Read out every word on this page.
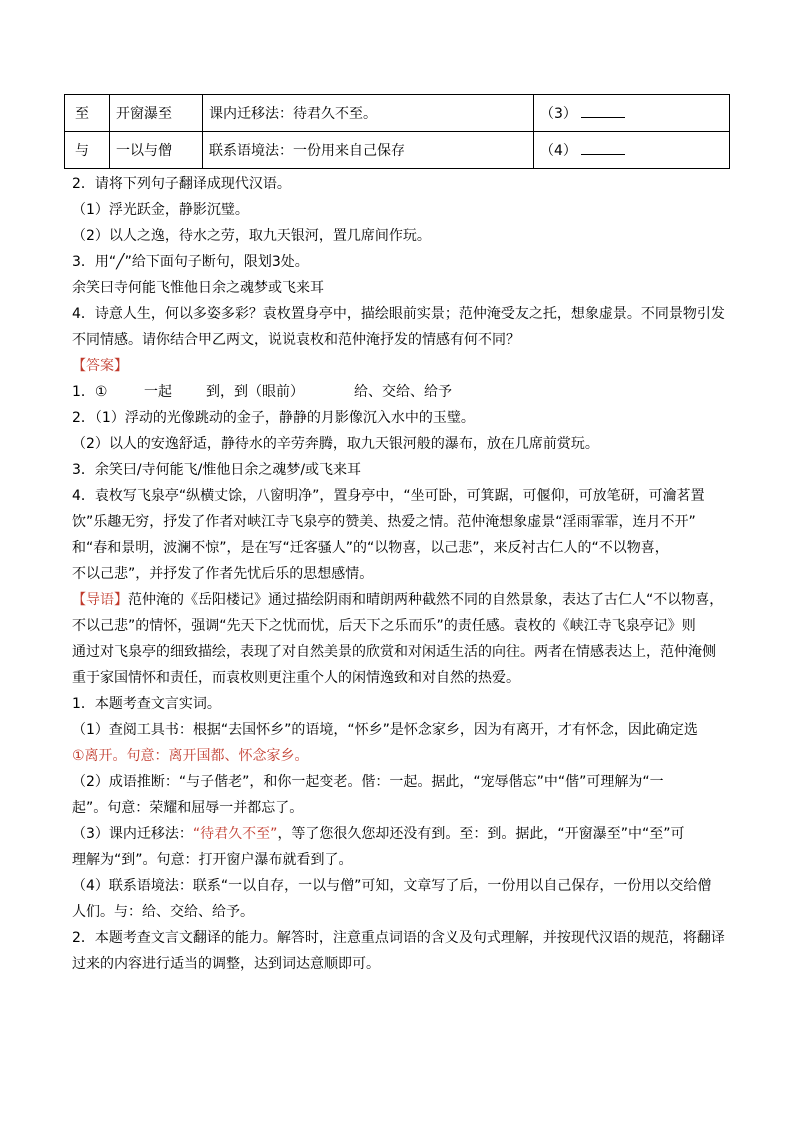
至	开窗瀑至	课内迁移法：待君久不至。	（3）
与	一以与僧	联系语境法：一份用来自己保存	（4）
2．请将下列句子翻译成现代汉语。
（1）浮光跃金，静影沉璧。
（2）以人之逸，待水之劳，取九天银河，置几席间作玩。
3．用“╱”给下面句子断句，限划3处。
余笑曰寺何能飞惟他日余之魂梦或飞来耳
4．诗意人生，何以多姿多彩？袁枚置身亭中，描绘眼前实景；范仲淹受友之托，想象虚景。不同景物引发
不同情感。请你结合甲乙两文，说说袁枚和范仲淹抒发的情感有何不同？
【答案】
1．①	一起 到，到（眼前）	给、交给、给予
2．（1）浮动的光像跳动的金子，静静的月影像沉入水中的玉璧。
（2）以人的安逸舒适，静待水的辛劳奔腾，取九天银河般的瀑布，放在几席前赏玩。
3．余笑曰/寺何能飞/惟他日余之魂梦/或飞来耳
4．袁枚写飞泉亭“纵横丈馀，八窗明净”，置身亭中，“坐可卧，可箕踞，可偃仰，可放笔研，可瀹茗置
饮”乐趣无穷，抒发了作者对峡江寺飞泉亭的赞美、热爱之情。范仲淹想象虚景“淫雨霏霏，连月不开”
和“春和景明，波澜不惊”，是在写“迁客骚人”的“以物喜，以己悲”，来反衬古仁人的“不以物喜，
不以己悲”，并抒发了作者先忧后乐的思想感情。
【导语】范仲淹的《岳阳楼记》通过描绘阴雨和晴朗两种截然不同的自然景象，表达了古仁人“不以物喜，
不以己悲”的情怀，强调“先天下之忧而忧，后天下之乐而乐”的责任感。袁枚的《峡江寺飞泉亭记》则
通过对飞泉亭的细致描绘，表现了对自然美景的欣赏和对闲适生活的向往。两者在情感表达上，范仲淹侧
重于家国情怀和责任，而袁枚则更注重个人的闲情逸致和对自然的热爱。
1．本题考查文言实词。
（1）查阅工具书：根据“去国怀乡”的语境，“怀乡”是怀念家乡，因为有离开，才有怀念，因此确定选
①离开。句意：离开国都、怀念家乡。
（2）成语推断：“与子偕老”，和你一起变老。偕：一起。据此，“宠辱偕忘”中“偕”可理解为“一
起”。句意：荣耀和屈辱一并都忘了。
（3）课内迁移法：“待君久不至”，等了您很久您却还没有到。至：到。据此，“开窗瀑至”中“至”可
理解为“到”。句意：打开窗户瀑布就看到了。
（4）联系语境法：联系“一以自存，一以与僧”可知，文章写了后，一份用以自己保存，一份用以交给僧
人们。与：给、交给、给予。
2．本题考查文言文翻译的能力。解答时，注意重点词语的含义及句式理解，并按现代汉语的规范，将翻译
过来的内容进行适当的调整，达到词达意顺即可。
